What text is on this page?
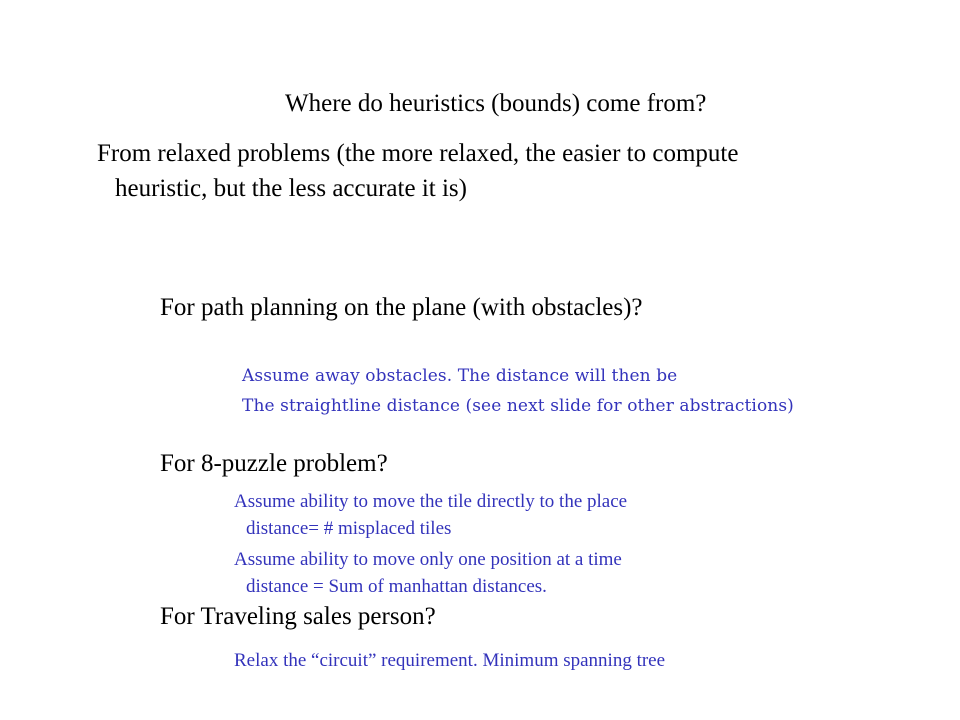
Where do heuristics (bounds) come from?

From relaxed problems (the more relaxed, the easier to compute

heuristic, but the less accurate it is)

For path planning on the plane (with obstacles)?

Assume away obstacles. The distance will then be

The straightline distance (see next slide for other abstractions)

For 8-puzzle problem?

Assume ability to move the tile directly to the place

distance= # misplaced tiles

Assume ability to move only one position at a time

distance = Sum of manhattan distances.

For Traveling sales person?

Relax the “circuit” requirement. Minimum spanning tree
